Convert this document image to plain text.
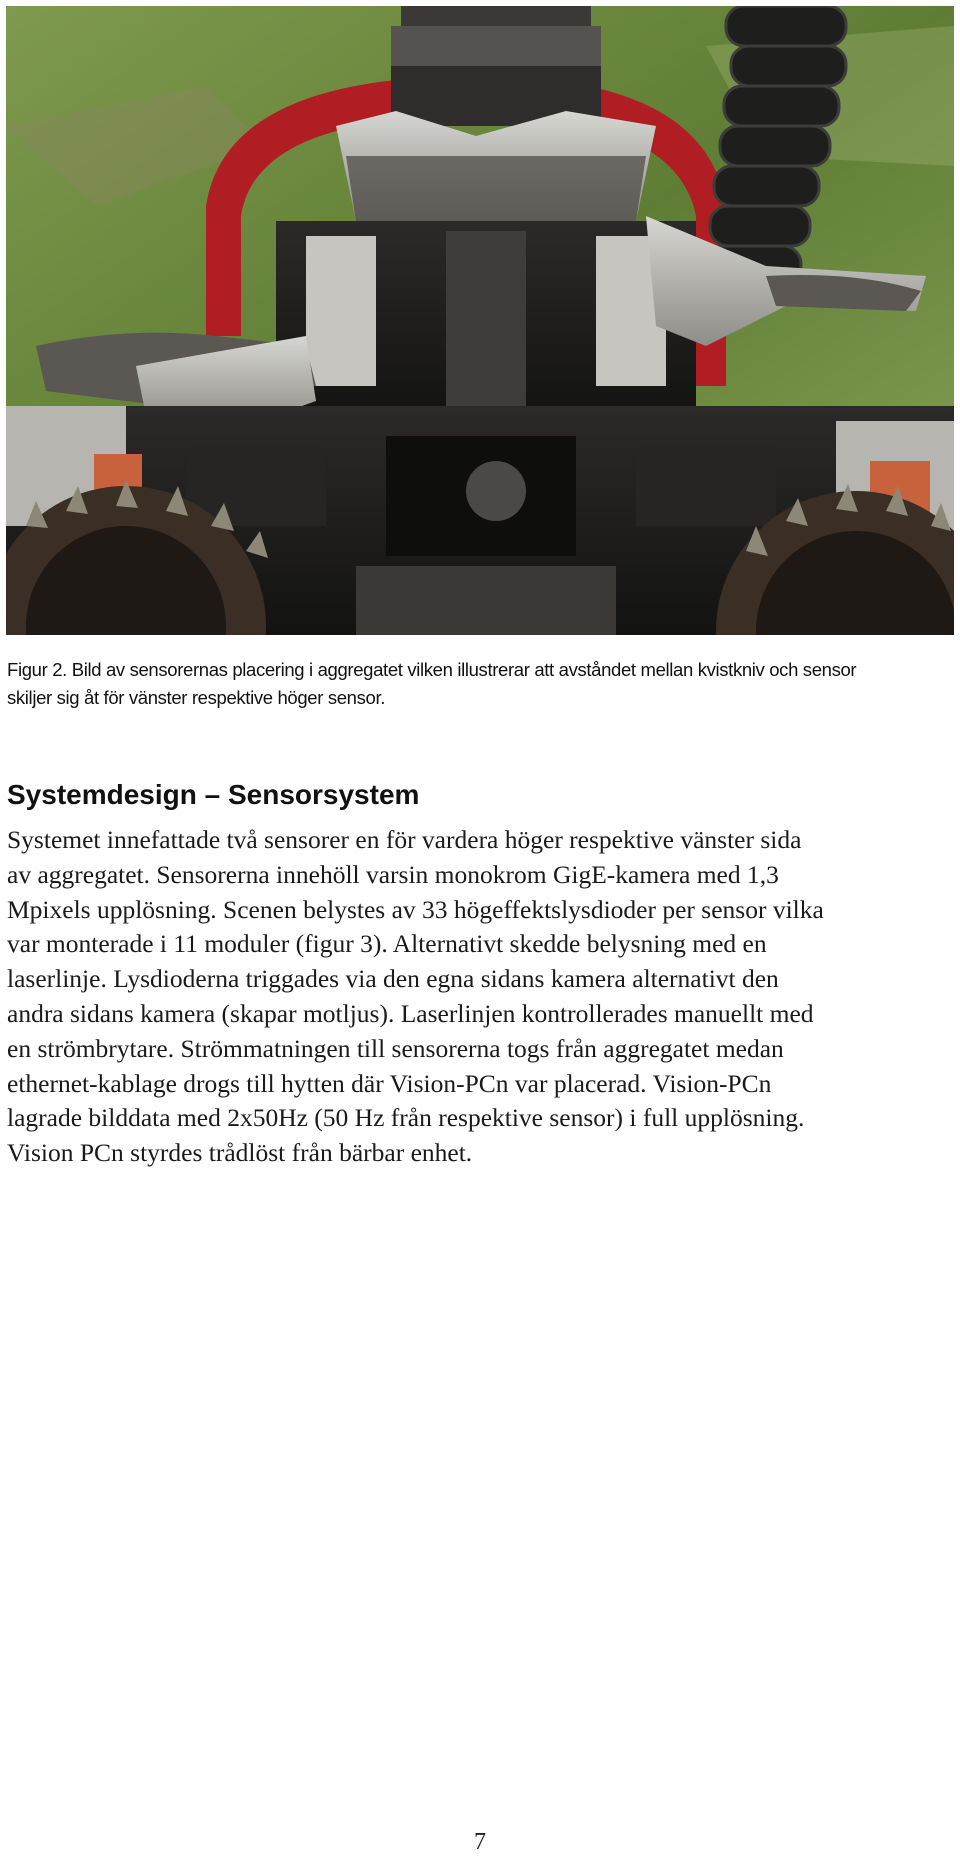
Figur 2. Bild av sensorernas placering i aggregatet vilken illustrerar att avståndet mellan kvistkniv och sensor
skiljer sig åt för vänster respektive höger sensor.
Systemdesign – Sensorsystem
Systemet innefattade två sensorer en för vardera höger respektive vänster sida
av aggregatet. Sensorerna innehöll varsin monokrom GigE-kamera med 1,3
Mpixels upplösning. Scenen belystes av 33 högeffektslysdioder per sensor vilka
var monterade i 11 moduler (figur 3). Alternativt skedde belysning med en
laserlinje. Lysdioderna triggades via den egna sidans kamera alternativt den
andra sidans kamera (skapar motljus). Laserlinjen kontrollerades manuellt med
en strömbrytare. Strömmatningen till sensorerna togs från aggregatet medan
ethernet-kablage drogs till hytten där Vision-PCn var placerad. Vision-PCn
lagrade bilddata med 2x50Hz (50 Hz från respektive sensor) i full upplösning.
Vision PCn styrdes trådlöst från bärbar enhet.
7
